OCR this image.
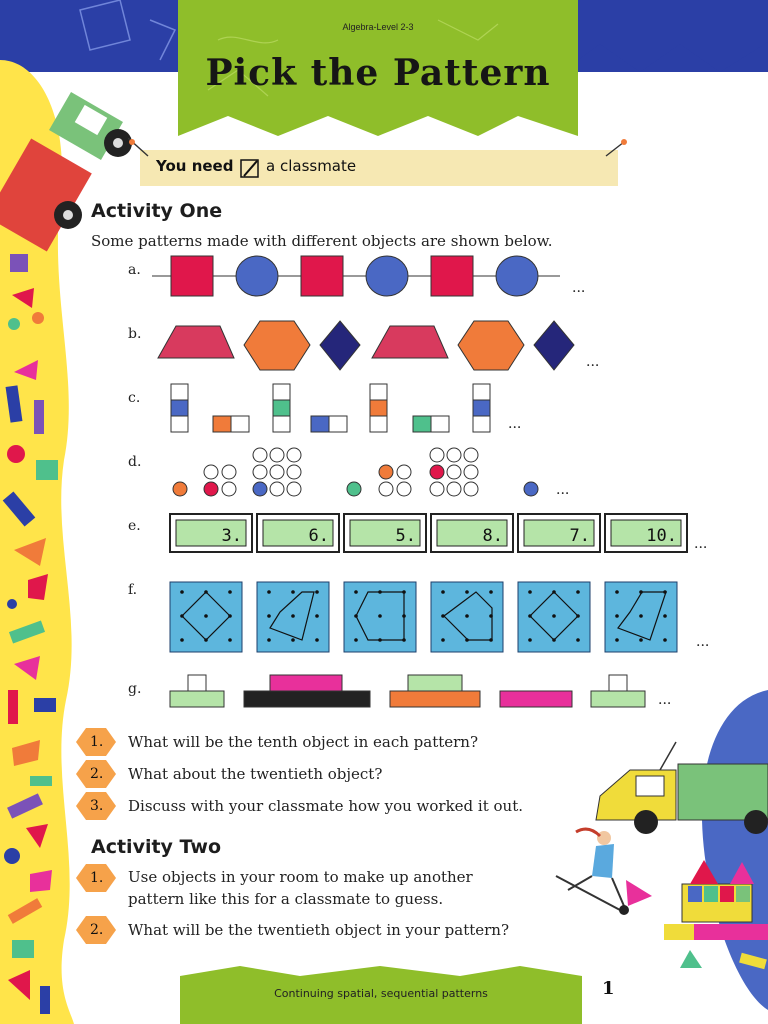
Algebra-Level 2-3
Pick the Pattern
You need a classmate
Activity One
Some patterns made with different objects are shown below.
a.
b.
c.
d.
e.
f.
g.
...
...
...
...
...
...
...
3.	6.	5.	8.	7.	10.
1. What will be the tenth object in each pattern?
2. What about the twentieth object?
3. Discuss with your classmate how you worked it out.
Activity Two
1. Use objects in your room to make up another
pattern like this for a classmate to guess.
2. What will be the twentieth object in your pattern?
Continuing spatial, sequential patterns	1
